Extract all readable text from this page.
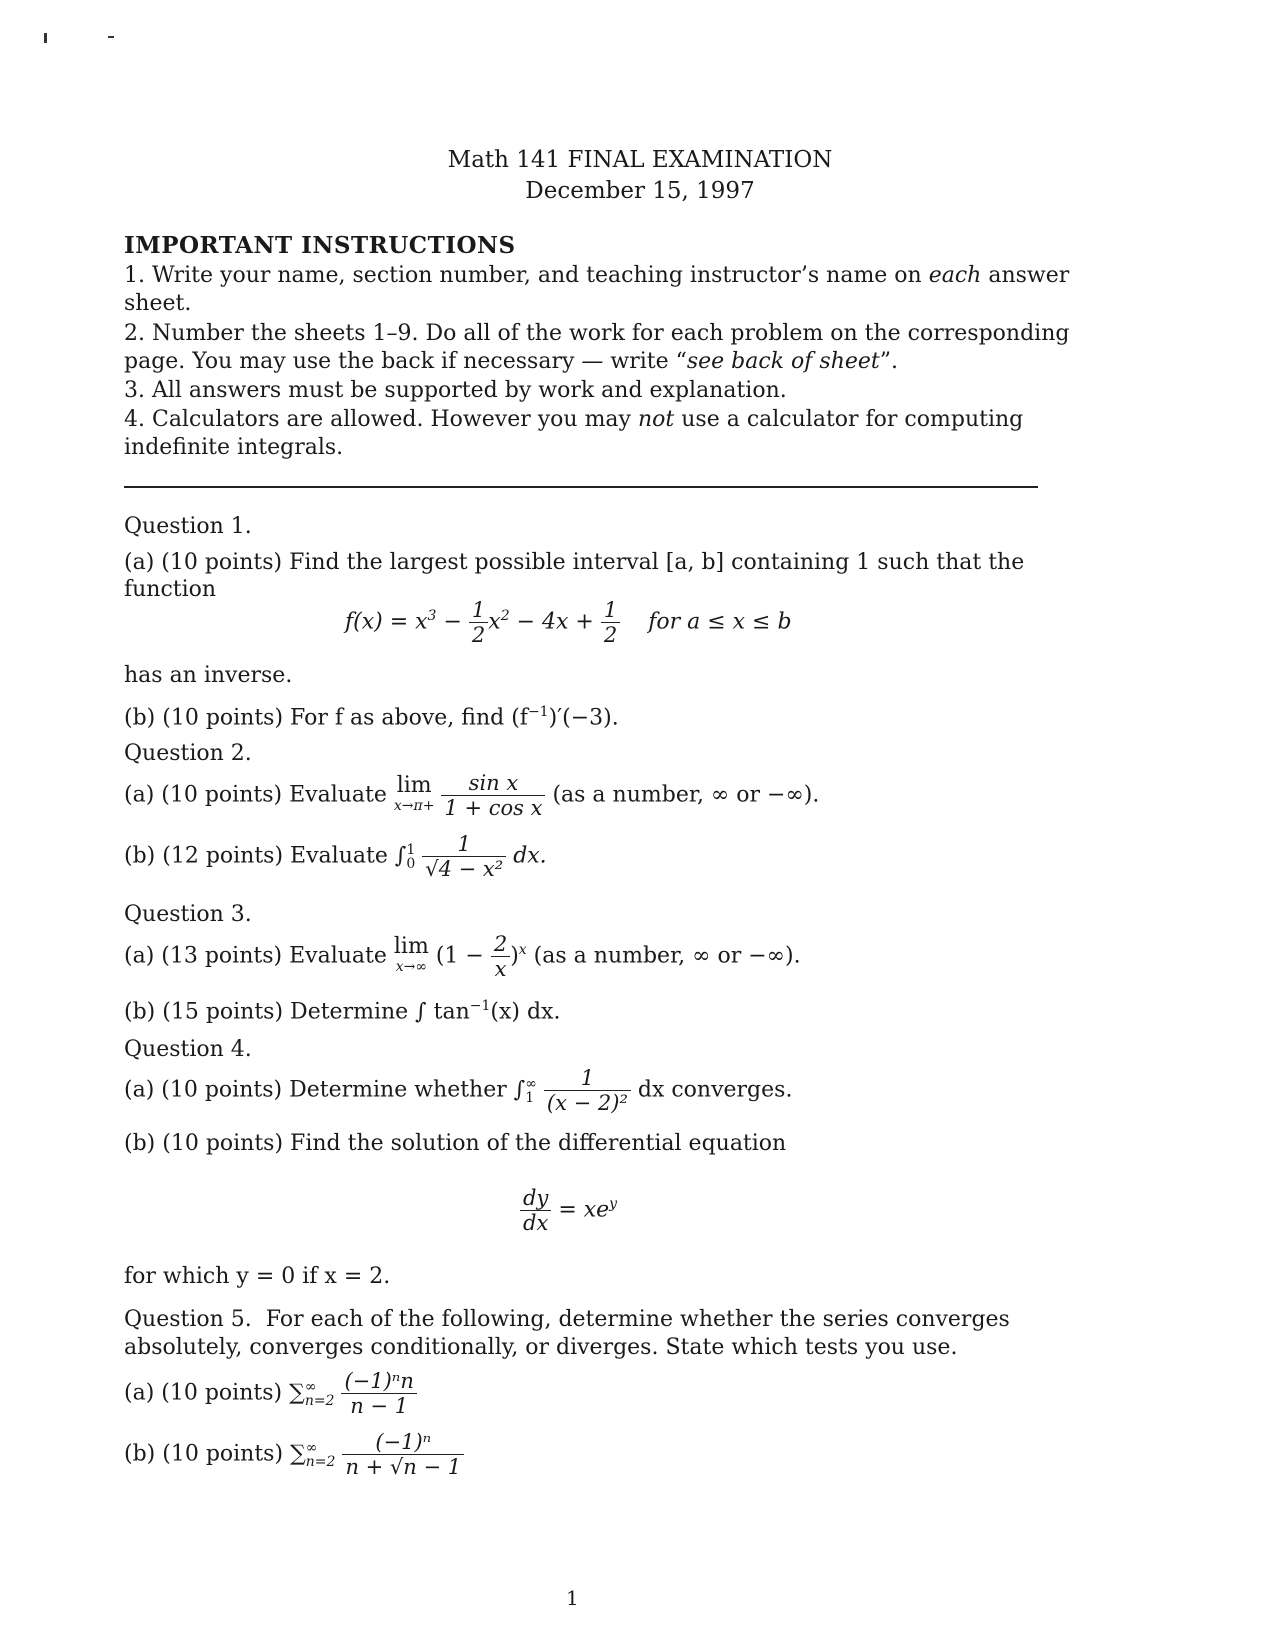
Math 141 FINAL EXAMINATION
December 15, 1997
IMPORTANT INSTRUCTIONS
1. Write your name, section number, and teaching instructor’s name on each answer
sheet.
2. Number the sheets 1–9. Do all of the work for each problem on the corresponding
page. You may use the back if necessary — write “see back of sheet”.
3. All answers must be supported by work and explanation.
4. Calculators are allowed. However you may not use a calculator for computing
indefinite integrals.
Question 1.
(a) (10 points) Find the largest possible interval [a, b] containing 1 such that the
function
$f(x) = x^3 - \frac{1}{2} x^2 - 4x + \frac{1}{2}$ for a ≤ x ≤ b
has an inverse.
(b) (10 points) For f as above, find $(f^{-1})'(-3)$.
Question 2.
(a) (10 points) Evaluate lim
x→π+
$\frac{\text{sin x}}{\text{1 + cos x}} (as$ a number, ∞ or −∞).
(b) (12 points) Evaluate ∫ 1
0
$\frac{1}{\text{√4 − x²}}$ dx.
Question 3.
(a) (13 points) Evaluate lim
x→∞ $(1 - \frac{2}{x} )^x$ (as a number, ∞ or −∞).
(b) (15 points) Determine ∫ $\tan^{-1}(x)$ dx.
Question 4.
(a) (10 points) Determine whether ∫ ∞
1
$\frac{1}{\text{(x − 2)²}}$ dx converges.
(b) (10 points) Find the solution of the differential equation
$\frac{dy}{dx} = xe^y$
for which y = 0 if x = 2.
Question 5. For each of the following, determine whether the series converges
absolutely, converges conditionally, or diverges. State which tests you use.
(a) (10 points) ∑ ∞
n=2
$\frac{\text{(−1)ⁿn}}{n - 1}$
(b) (10 points) ∑ ∞
n=2
$\frac{\text{(−1)ⁿ}}{n + √n - 1}$
1
